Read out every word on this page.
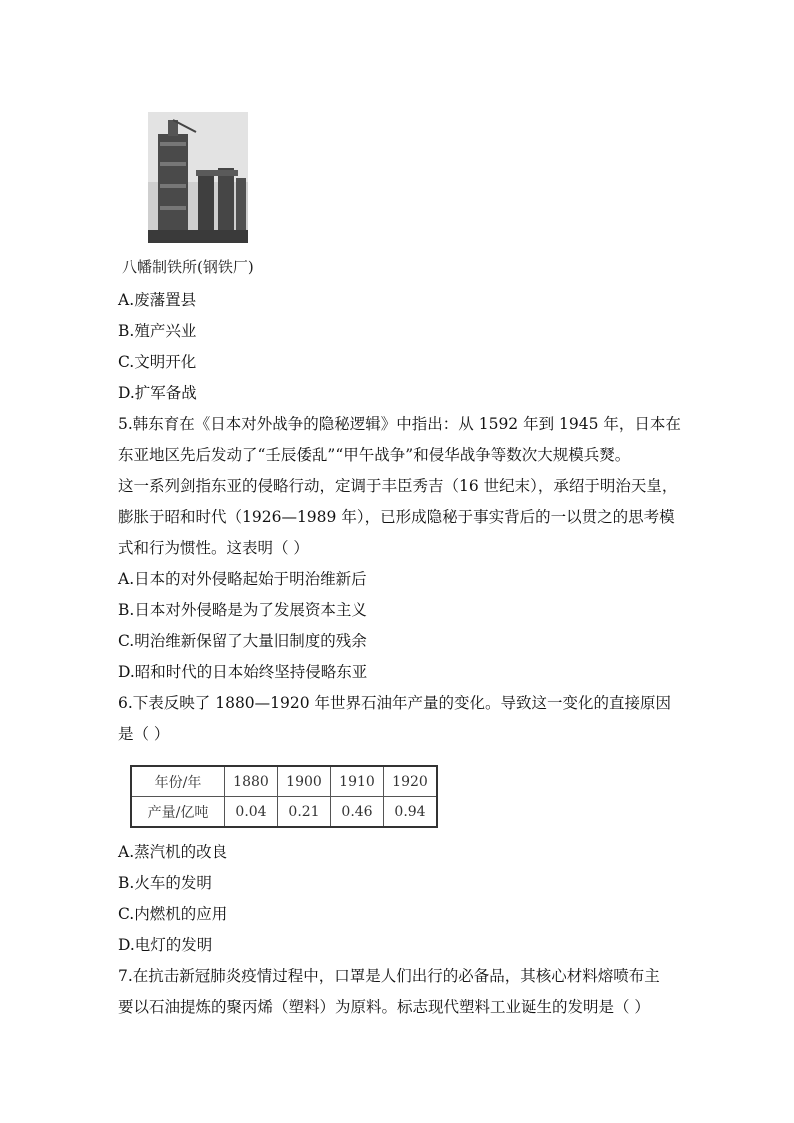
八幡制铁所(钢铁厂)
A.废藩置县
B.殖产兴业
C.文明开化
D.扩军备战
5.韩东育在《日本对外战争的隐秘逻辑》中指出：从 1592 年到 1945 年，日本在
东亚地区先后发动了“壬辰倭乱”“甲午战争”和侵华战争等数次大规模兵燹。
这一系列剑指东亚的侵略行动，定调于丰臣秀吉（16 世纪末），承绍于明治天皇，
膨胀于昭和时代（1926—1989 年），已形成隐秘于事实背后的一以贯之的思考模
式和行为惯性。这表明（ ）
A.日本的对外侵略起始于明治维新后
B.日本对外侵略是为了发展资本主义
C.明治维新保留了大量旧制度的残余
D.昭和时代的日本始终坚持侵略东亚
6.下表反映了 1880—1920 年世界石油年产量的变化。导致这一变化的直接原因
是（ ）
年份/年	1880	1900	1910	1920
产量/亿吨	0.04	0.21	0.46	0.94
A.蒸汽机的改良
B.火车的发明
C.内燃机的应用
D.电灯的发明
7.在抗击新冠肺炎疫情过程中，口罩是人们出行的必备品，其核心材料熔喷布主
要以石油提炼的聚丙烯（塑料）为原料。标志现代塑料工业诞生的发明是（ ）
